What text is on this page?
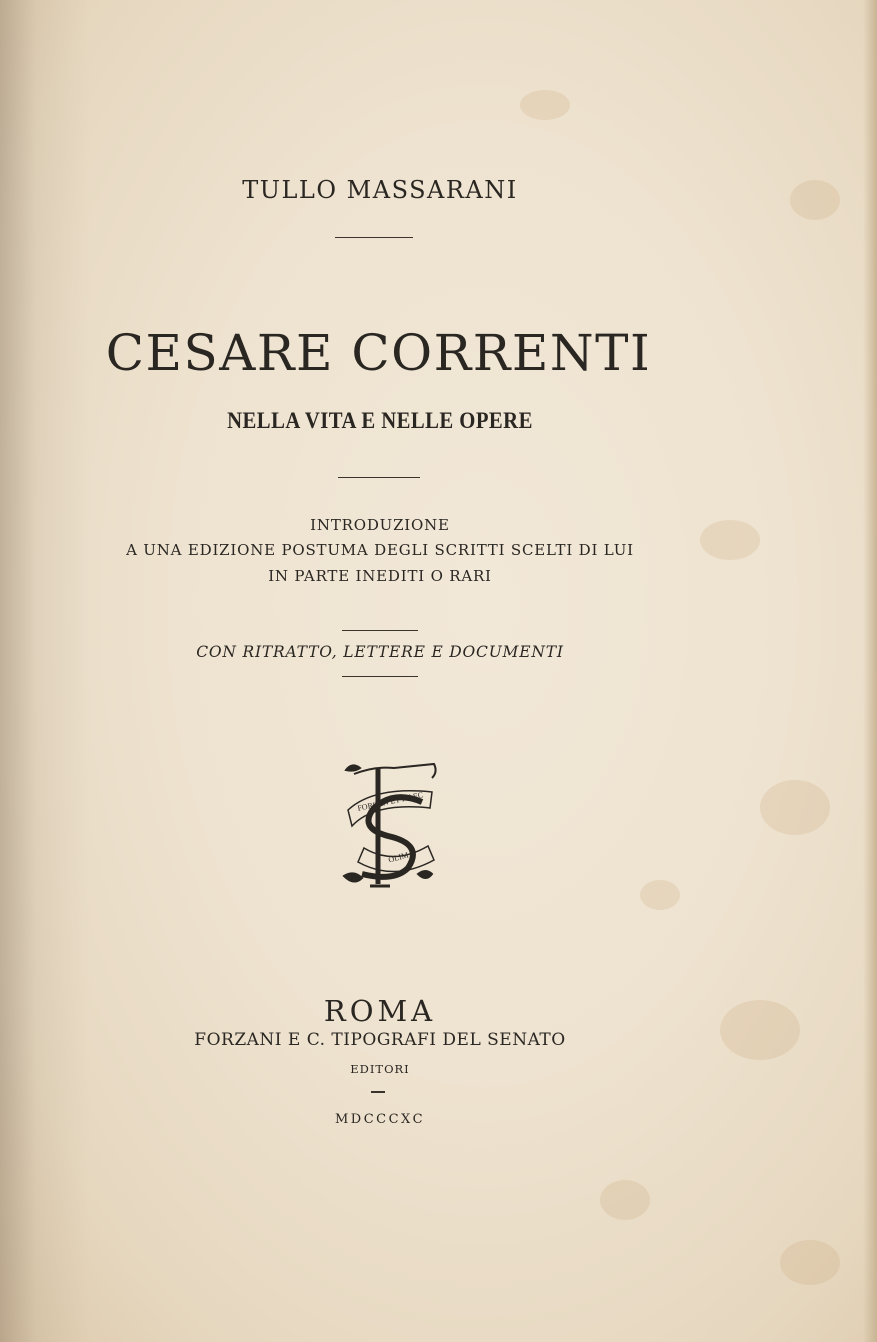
TULLO MASSARANI
CESARE CORRENTI
NELLA VITA E NELLE OPERE
INTRODUZIONE
A UNA EDIZIONE POSTUMA DEGLI SCRITTI SCELTI DI LUI
IN PARTE INEDITI O RARI
CON RITRATTO, LETTERE E DOCUMENTI
FORSAN ET HAEC
OLIM
ROMA
FORZANI E C. TIPOGRAFI DEL SENATO
EDITORI
MDCCCXC
